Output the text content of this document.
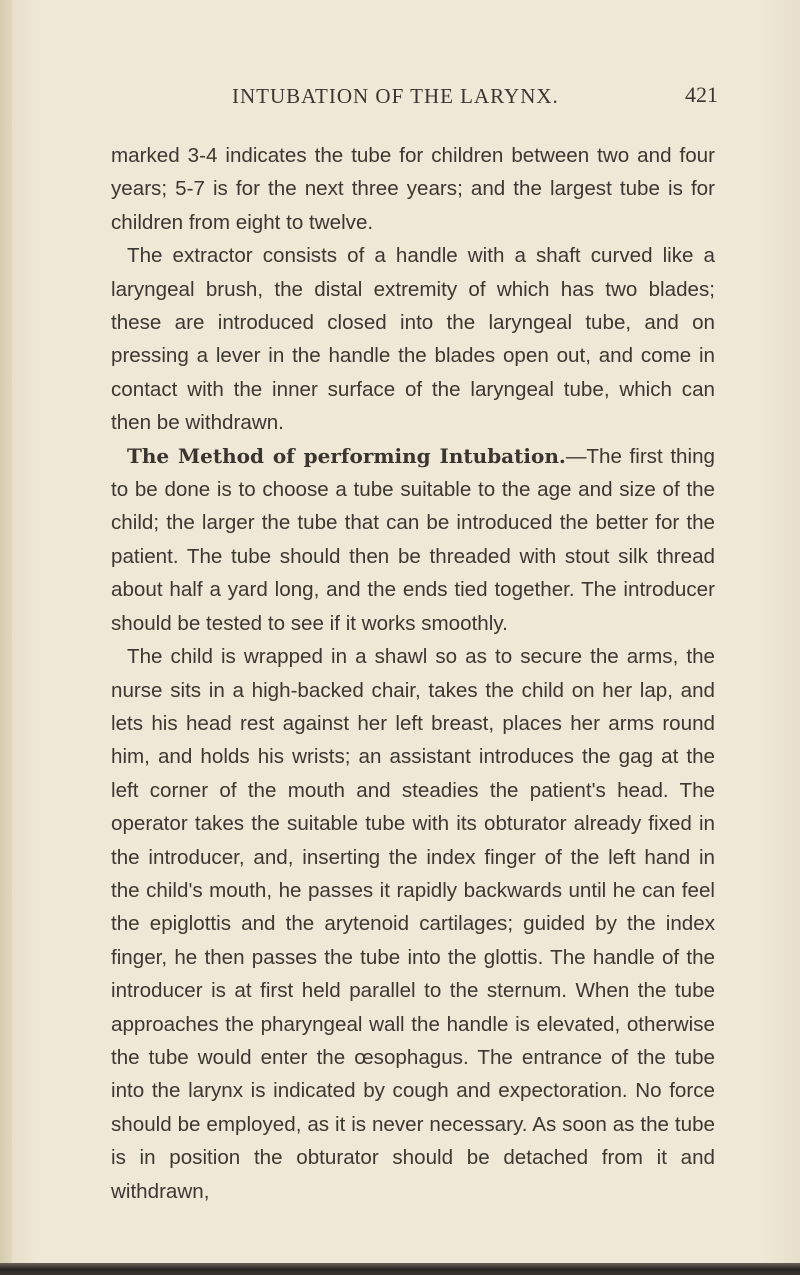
INTUBATION OF THE LARYNX.	421

marked 3-4 indicates the tube for children between two and four years; 5-7 is for the next three years; and the largest tube is for children from eight to twelve.

The extractor consists of a handle with a shaft curved like a laryngeal brush, the distal extremity of which has two blades; these are introduced closed into the laryngeal tube, and on pressing a lever in the handle the blades open out, and come in contact with the inner surface of the laryngeal tube, which can then be withdrawn.

The Method of performing Intubation.—The first thing to be done is to choose a tube suitable to the age and size of the child; the larger the tube that can be introduced the better for the patient. The tube should then be threaded with stout silk thread about half a yard long, and the ends tied together. The introducer should be tested to see if it works smoothly.

The child is wrapped in a shawl so as to secure the arms, the nurse sits in a high-backed chair, takes the child on her lap, and lets his head rest against her left breast, places her arms round him, and holds his wrists; an assistant introduces the gag at the left corner of the mouth and steadies the patient's head. The operator takes the suitable tube with its obturator already fixed in the introducer, and, inserting the index finger of the left hand in the child's mouth, he passes it rapidly backwards until he can feel the epiglottis and the arytenoid cartilages; guided by the index finger, he then passes the tube into the glottis. The handle of the introducer is at first held parallel to the sternum. When the tube approaches the pharyngeal wall the handle is elevated, otherwise the tube would enter the œsophagus. The entrance of the tube into the larynx is indicated by cough and expectoration. No force should be employed, as it is never necessary. As soon as the tube is in position the obturator should be detached from it and withdrawn,
